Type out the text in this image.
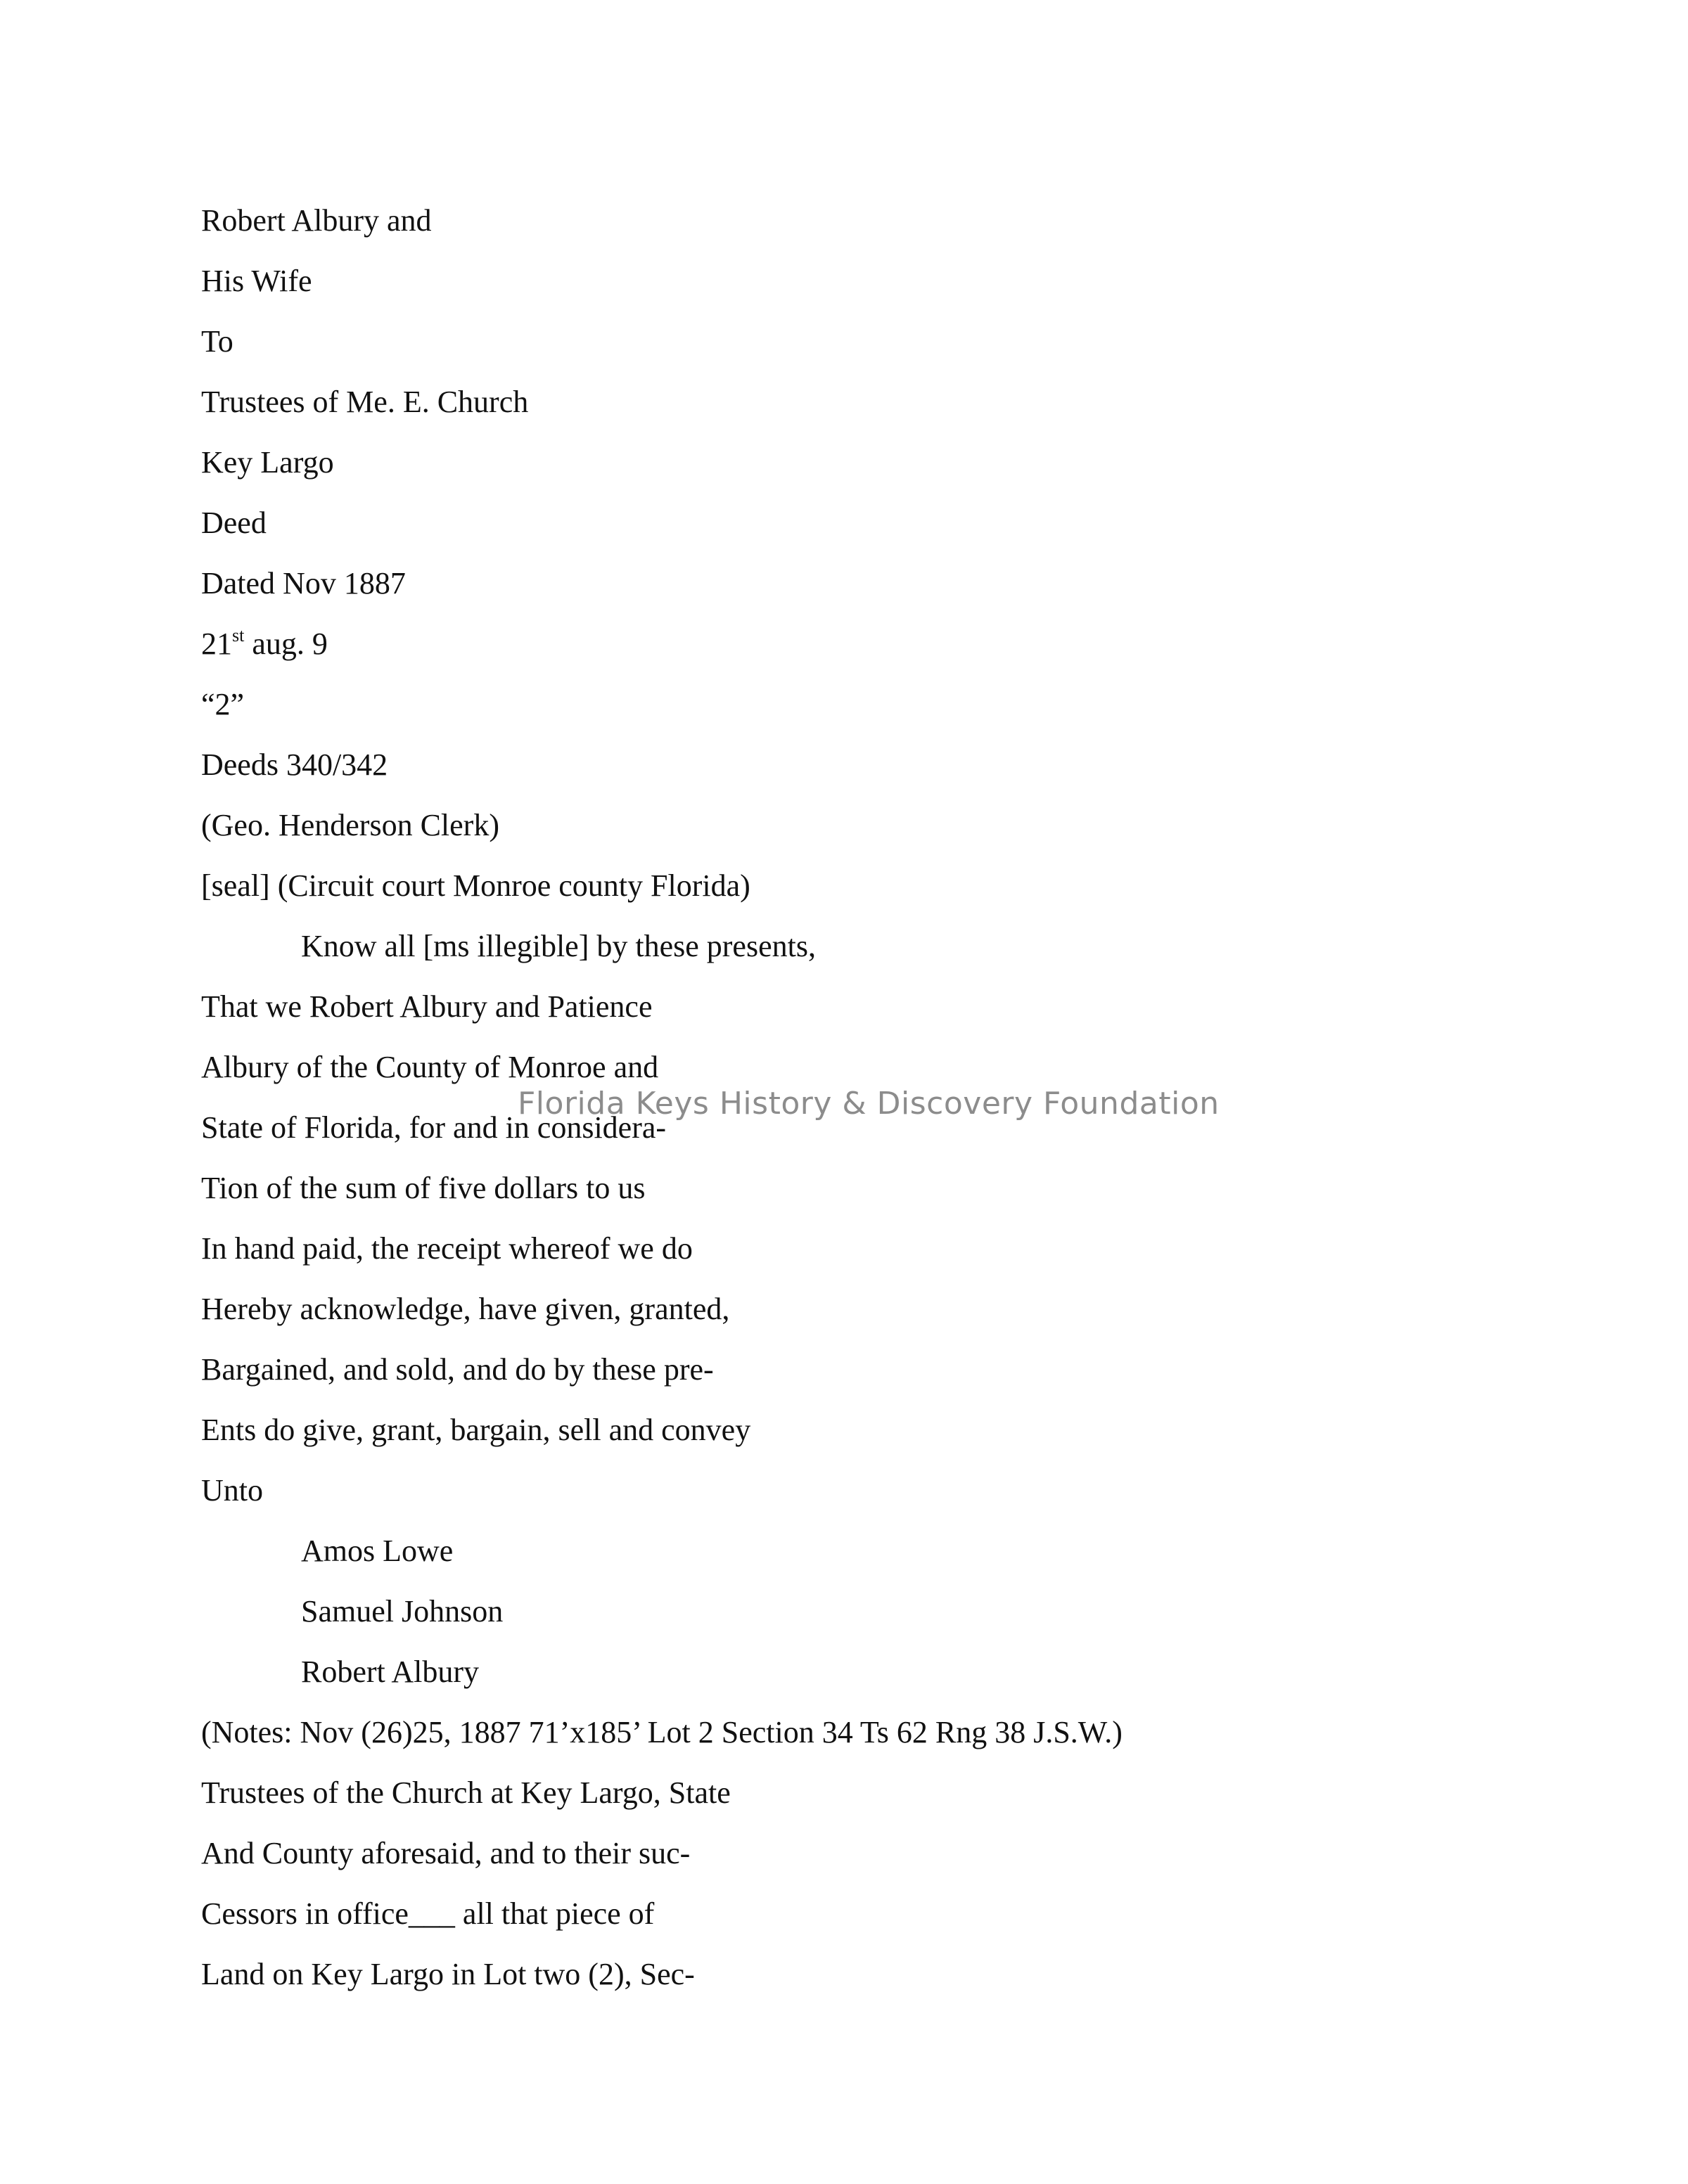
Robert Albury and
His Wife
To
Trustees of Me. E. Church
Key Largo
Deed
Dated Nov 1887
21st aug. 9
“2”
Deeds 340/342
(Geo. Henderson Clerk)
[seal] (Circuit court Monroe county Florida)
Know all [ms illegible] by these presents,
That we Robert Albury and Patience
Albury of the County of Monroe and
State of Florida, for and in considera-
Tion of the sum of five dollars to us
In hand paid, the receipt whereof we do
Hereby acknowledge, have given, granted,
Bargained, and sold, and do by these pre-
Ents do give, grant, bargain, sell and convey
Unto
Amos Lowe
Samuel Johnson
Robert Albury
(Notes: Nov (26)25, 1887 71’x185’ Lot 2 Section 34 Ts 62 Rng 38 J.S.W.)
Trustees of the Church at Key Largo, State
And County aforesaid, and to their suc-
Cessors in office___ all that piece of
Land on Key Largo in Lot two (2), Sec-
Florida Keys History & Discovery Foundation
